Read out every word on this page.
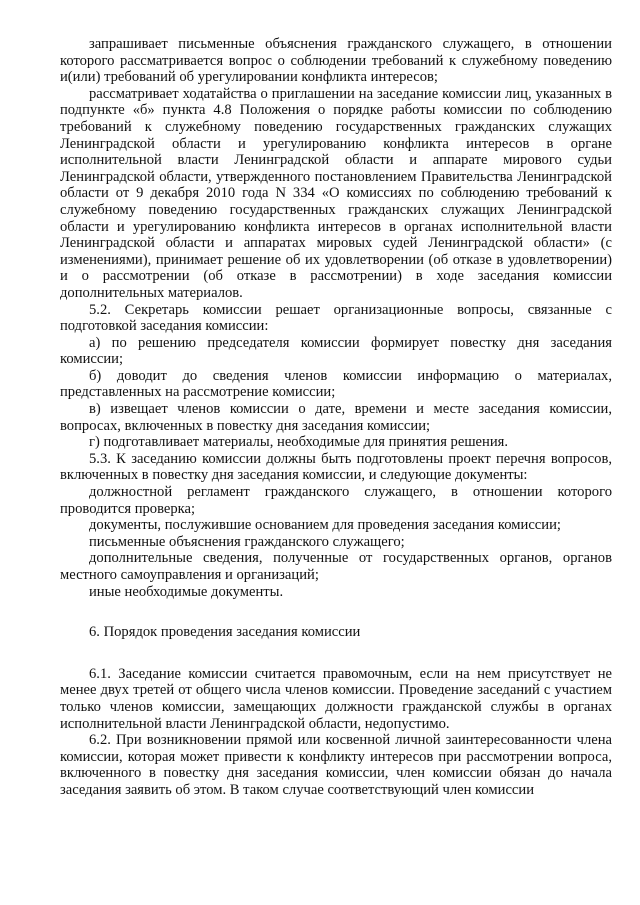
запрашивает письменные объяснения гражданского служащего, в отношении которого рассматривается вопрос о соблюдении требований к служебному поведению и(или) требований об урегулировании конфликта интересов;

рассматривает ходатайства о приглашении на заседание комиссии лиц, указанных в подпункте «б» пункта 4.8 Положения о порядке работы комиссии по соблюдению требований к служебному поведению государственных гражданских служащих Ленинградской области и урегулированию конфликта интересов в органе исполнительной власти Ленинградской области и аппарате мирового судьи Ленинградской области, утвержденного постановлением Правительства Ленинградской области от 9 декабря 2010 года N 334 «О комиссиях по соблюдению требований к служебному поведению государственных гражданских служащих Ленинградской области и урегулированию конфликта интересов в органах исполнительной власти Ленинградской области и аппаратах мировых судей Ленинградской области» (с изменениями), принимает решение об их удовлетворении (об отказе в удовлетворении) и о рассмотрении (об отказе в рассмотрении) в ходе заседания комиссии дополнительных материалов.

5.2. Секретарь комиссии решает организационные вопросы, связанные с подготовкой заседания комиссии:

а) по решению председателя комиссии формирует повестку дня заседания комиссии;

б) доводит до сведения членов комиссии информацию о материалах, представленных на рассмотрение комиссии;

в) извещает членов комиссии о дате, времени и месте заседания комиссии, вопросах, включенных в повестку дня заседания комиссии;

г) подготавливает материалы, необходимые для принятия решения.

5.3. К заседанию комиссии должны быть подготовлены проект перечня вопросов, включенных в повестку дня заседания комиссии, и следующие документы:

должностной регламент гражданского служащего, в отношении которого проводится проверка;

документы, послужившие основанием для проведения заседания комиссии;

письменные объяснения гражданского служащего;

дополнительные сведения, полученные от государственных органов, органов местного самоуправления и организаций;

иные необходимые документы.

6. Порядок проведения заседания комиссии

6.1. Заседание комиссии считается правомочным, если на нем присутствует не менее двух третей от общего числа членов комиссии. Проведение заседаний с участием только членов комиссии, замещающих должности гражданской службы в органах исполнительной власти Ленинградской области, недопустимо.

6.2. При возникновении прямой или косвенной личной заинтересованности члена комиссии, которая может привести к конфликту интересов при рассмотрении вопроса, включенного в повестку дня заседания комиссии, член комиссии обязан до начала заседания заявить об этом. В таком случае соответствующий член комиссии
